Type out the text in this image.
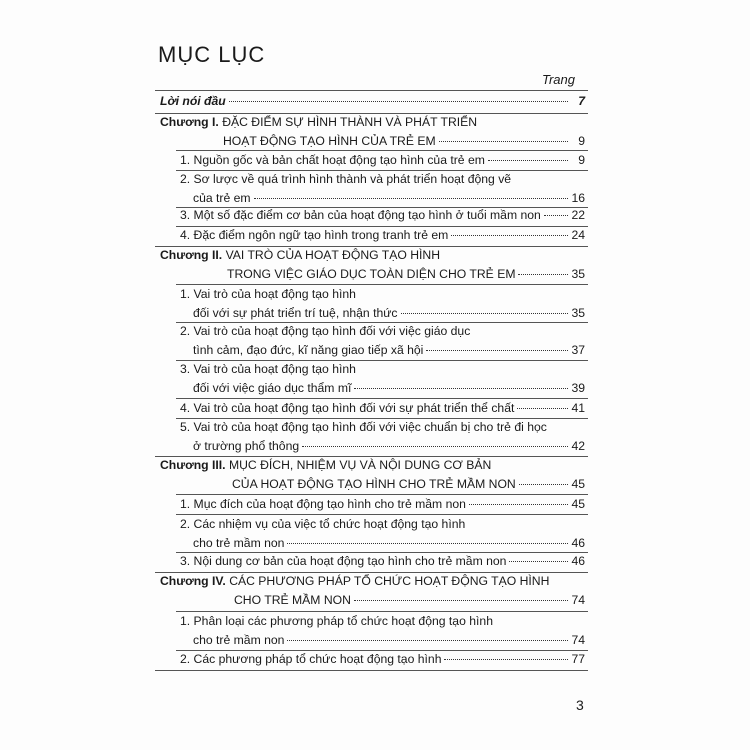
MỤC LỤC
Trang
Lời nói đầu	7
Chương I. ĐẶC ĐIỂM SỰ HÌNH THÀNH VÀ PHÁT TRIỂN
HOẠT ĐỘNG TẠO HÌNH CỦA TRẺ EM	9
1. Nguồn gốc và bản chất hoạt động tạo hình của trẻ em	9
2. Sơ lược về quá trình hình thành và phát triển hoạt động vẽ
của trẻ em	16
3. Một số đặc điểm cơ bản của hoạt động tạo hình ở tuổi mầm non	22
4. Đặc điểm ngôn ngữ tạo hình trong tranh trẻ em	24
Chương II. VAI TRÒ CỦA HOẠT ĐỘNG TẠO HÌNH
TRONG VIỆC GIÁO DỤC TOÀN DIỆN CHO TRẺ EM	35
1. Vai trò của hoạt động tạo hình
đối với sự phát triển trí tuệ, nhận thức	35
2. Vai trò của hoạt động tạo hình đối với việc giáo dục
tình cảm, đạo đức, kĩ năng giao tiếp xã hội	37
3. Vai trò của hoạt động tạo hình
đối với việc giáo dục thẩm mĩ	39
4. Vai trò của hoạt động tạo hình đối với sự phát triển thể chất	41
5. Vai trò của hoạt động tạo hình đối với việc chuẩn bị cho trẻ đi học
ở trường phổ thông	42
Chương III. MỤC ĐÍCH, NHIỆM VỤ VÀ NỘI DUNG CƠ BẢN
CỦA HOẠT ĐỘNG TẠO HÌNH CHO TRẺ MẦM NON	45
1. Mục đích của hoạt động tạo hình cho trẻ mầm non	45
2. Các nhiệm vụ của việc tổ chức hoạt động tạo hình
cho trẻ mầm non	46
3. Nội dung cơ bản của hoạt động tạo hình cho trẻ mầm non	46
Chương IV. CÁC PHƯƠNG PHÁP TỔ CHỨC HOẠT ĐỘNG TẠO HÌNH
CHO TRẺ MẦM NON	74
1. Phân loại các phương pháp tổ chức hoạt động tạo hình
cho trẻ mầm non	74
2. Các phương pháp tổ chức hoạt động tạo hình	77
3
